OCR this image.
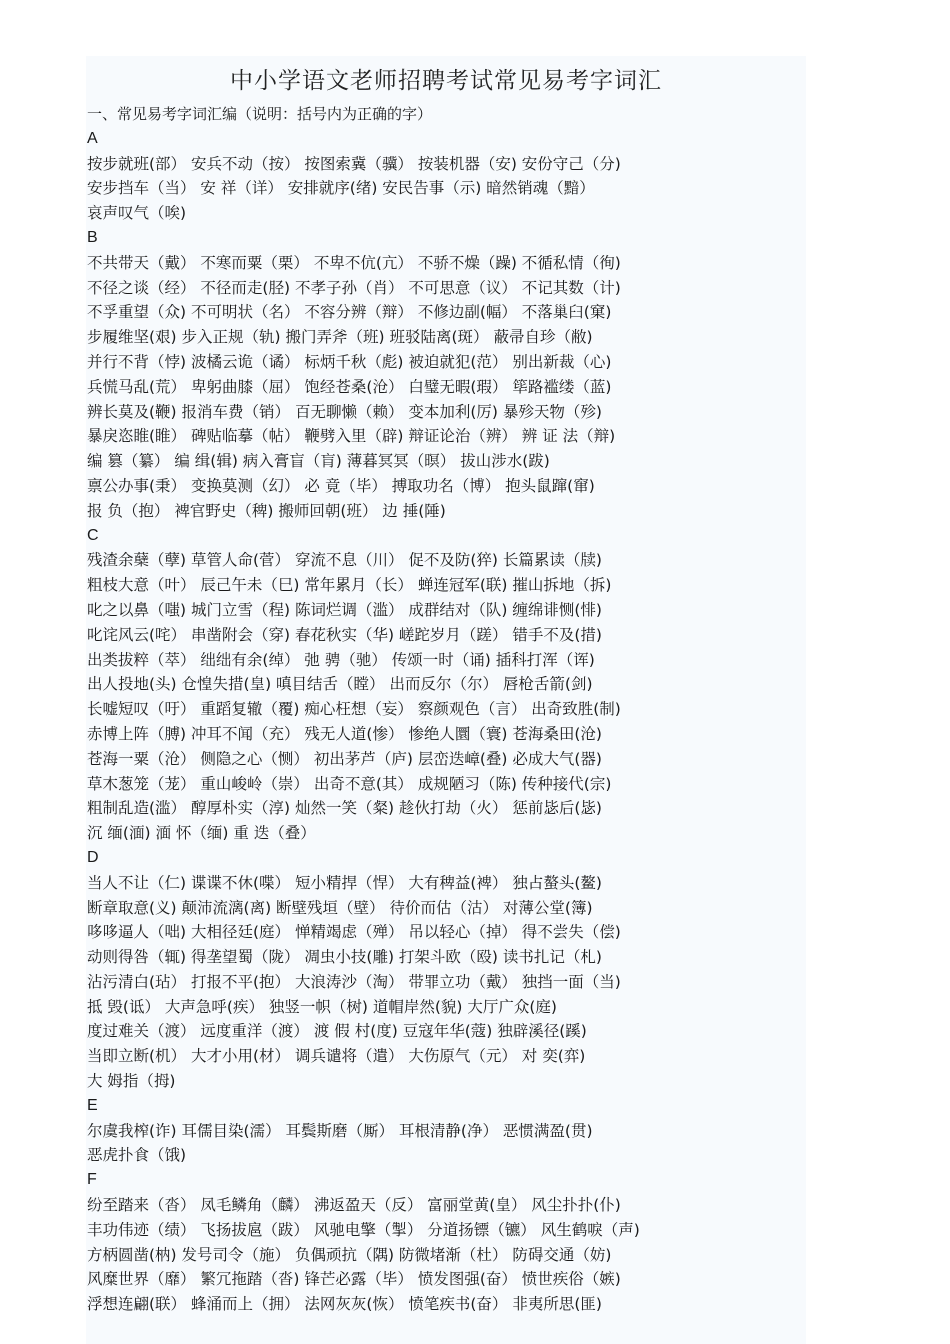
中小学语文老师招聘考试常见易考字词汇
一、常见易考字词汇编（说明：括号内为正确的字）
A
按步就班(部） 安兵不动（按） 按图索冀（骥） 按装机器（安) 安份守己（分)
安步挡车（当） 安 祥（详） 安排就序(绪) 安民告事（示) 暗然销魂（黯）
哀声叹气（唉)
B
不共带天（戴） 不寒而粟（栗） 不卑不伉(亢） 不骄不燥（躁) 不循私情（徇)
不径之谈（经） 不径而走(胫) 不孝子孙（肖） 不可思意（议） 不记其数（计)
不孚重望（众) 不可明状（名） 不容分辨（辩） 不修边副(幅） 不落巢臼(窠)
步履维坚(艰) 步入正规（轨) 搬门弄斧（班) 班驳陆离(斑） 蔽帚自珍（敝)
并行不背（悖) 波橘云诡（谲） 标炳千秋（彪) 被迫就犯(范） 别出新裁（心)
兵慌马乱(荒） 卑躬曲膝（屈） 饱经苍桑(沧） 白璧无暇(瑕） 筚路褴缕（蓝)
辨长莫及(鞭) 报消车费（销） 百无聊懒（赖） 变本加利(厉) 暴殄天物（殄)
暴戾恣睢(睢） 碑贴临摹（帖） 鞭劈入里（辟) 辩证论治（辨） 辨 证 法（辩)
编 篡（纂） 编 缉(辑) 病入膏盲（肓) 薄暮冥冥（暝） 拔山涉水(跋)
禀公办事(秉） 变换莫测（幻） 必 竟（毕） 搏取功名（博） 抱头鼠蹿(窜)
报 负（抱） 裨官野史（稗) 搬师回朝(班） 边 捶(陲)
C
残渣余蘖（孽) 草管人命(菅） 穿流不息（川） 促不及防(猝) 长篇累读（牍)
粗枝大意（叶） 辰己午未（巳) 常年累月（长） 蝉连冠军(联) 摧山拆地（拆)
叱之以鼻（嗤) 城门立雪（程) 陈词烂调（滥） 成群结对（队) 缠绵诽恻(悱)
叱诧风云(咤） 串凿附会（穿) 春花秋实（华) 嵯跎岁月（蹉） 错手不及(措)
出类拔粹（萃） 绌绌有余(绰） 弛 骋（驰） 传颂一时（诵) 插科打浑（诨)
出人投地(头) 仓惶失措(皇) 嗔目结舌（瞠） 出而反尔（尔） 唇枪舌箭(剑)
长嘘短叹（吁） 重蹈复辙（覆) 痴心枉想（妄） 察颜观色（言） 出奇致胜(制)
赤博上阵（膊) 冲耳不闻（充） 残无人道(惨） 惨绝人圜（寰) 苍海桑田(沧)
苍海一粟（沧） 侧隐之心（恻） 初出茅芦（庐) 层峦迭嶂(叠) 必成大气(器)
草木葱笼（茏） 重山峻岭（崇） 出奇不意(其） 成规陋习（陈) 传种接代(宗)
粗制乱造(滥） 醇厚朴实（淳) 灿然一笑（粲) 趁伙打劫（火） 惩前毖后(毖)
沉 缅(湎) 湎 怀（缅) 重 迭（叠）
D
当人不让（仁) 谍谍不休(喋） 短小精捍（悍） 大有稗益(裨） 独占螯头(鳌)
断章取意(义) 颠沛流漓(离) 断壁残垣（壁） 待价而估（沽） 对薄公堂(簿)
哆哆逼人（咄) 大相径廷(庭） 惮精竭虑（殚） 吊以轻心（掉） 得不尝失（偿)
动则得咎（辄) 得垄望蜀（陇） 凋虫小技(雕) 打架斗欧（殴) 读书扎记（札)
沾污清白(玷） 打报不平(抱） 大浪涛沙（淘） 带罪立功（戴） 独挡一面（当)
抵 毁(诋） 大声急呼(疾） 独竖一帜（树) 道帽岸然(貌) 大厅广众(庭)
度过难关（渡） 远度重洋（渡） 渡 假 村(度) 豆寇年华(蔻) 独辟溪径(蹊)
当即立断(机） 大才小用(材） 调兵谴将（遣） 大伤原气（元） 对 奕(弈)
大 姆指（拇)
E
尔虞我榨(诈) 耳儒目染(濡） 耳鬓斯磨（厮） 耳根清静(净） 恶惯满盈(贯)
恶虎扑食（饿)
F
纷至踏来（沓） 凤毛鳞角（麟） 沸返盈天（反） 富丽堂黄(皇） 风尘扑扑(仆)
丰功伟迹（绩） 飞扬拔扈（跋） 风驰电擎（掣） 分道扬镖（镳） 风生鹤唳（声)
方柄圆凿(枘) 发号司令（施） 负偶顽抗（隅) 防微堵渐（杜） 防碍交通（妨)
风糜世界（靡） 繁冗拖踏（沓) 锋芒必露（毕） 愤发图强(奋） 愤世疾俗（嫉)
浮想连翩(联） 蜂涌而上（拥） 法网灰灰(恢） 愤笔疾书(奋） 非夷所思(匪)
